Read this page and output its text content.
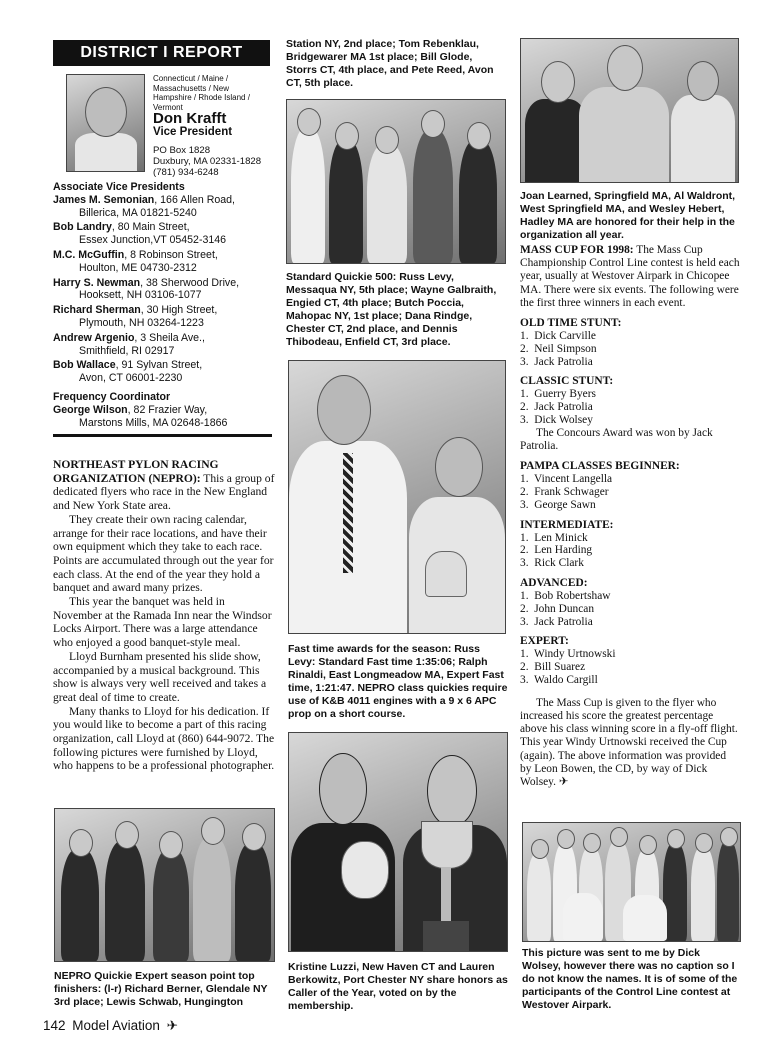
DISTRICT I REPORT
Connecticut / Maine / Massachusetts / New Hampshire / Rhode Island / Vermont
Don Krafft
Vice President
PO Box 1828
Duxbury, MA 02331-1828
(781) 934-6248
Associate Vice Presidents
James M. Semonian, 166 Allen Road,
Billerica, MA 01821-5240
Bob Landry, 80 Main Street,
Essex Junction,VT 05452-3146
M.C. McGuffin, 8 Robinson Street,
Houlton, ME 04730-2312
Harry S. Newman, 38 Sherwood Drive,
Hooksett, NH 03106-1077
Richard Sherman, 30 High Street,
Plymouth, NH 03264-1223
Andrew Argenio, 3 Sheila Ave.,
Smithfield, RI 02917
Bob Wallace, 91 Sylvan Street,
Avon, CT 06001-2230
Frequency Coordinator
George Wilson, 82 Frazier Way,
Marstons Mills, MA 02648-1866

NORTHEAST PYLON RACING ORGANIZATION (NEPRO): This a group of dedicated flyers who race in the New England and New York State area.

They create their own racing calendar, arrange for their race locations, and have their own equipment which they take to each race. Points are accumulated through out the year for each class. At the end of the year they hold a banquet and award many prizes.

This year the banquet was held in November at the Ramada Inn near the Windsor Locks Airport. There was a large attendance who enjoyed a good banquet-style meal.

Lloyd Burnham presented his slide show, accompanied by a musical background. This show is always very well received and takes a great deal of time to create.

Many thanks to Lloyd for his dedication. If you would like to become a part of this racing organization, call Lloyd at (860) 644-9072. The following pictures were furnished by Lloyd, who happens to be a professional photographer.

NEPRO Quickie Expert season point top finishers: (l-r) Richard Berner, Glendale NY 3rd place; Lewis Schwab, Hungington
142 Model Aviation ✈
Station NY, 2nd place; Tom Rebenklau, Bridgewarer MA 1st place; Bill Glode, Storrs CT, 4th place, and Pete Reed, Avon CT, 5th place.
Standard Quickie 500: Russ Levy, Messaqua NY, 5th place; Wayne Galbraith, Engied CT, 4th place; Butch Poccia, Mahopac NY, 1st place; Dana Rindge, Chester CT, 2nd place, and Dennis Thibodeau, Enfield CT, 3rd place.
Fast time awards for the season: Russ Levy: Standard Fast time 1:35:06; Ralph Rinaldi, East Longmeadow MA, Expert Fast time, 1:21:47. NEPRO class quickies require use of K&B 4011 engines with a 9 x 6 APC prop on a short course.
Kristine Luzzi, New Haven CT and Lauren Berkowitz, Port Chester NY share honors as Caller of the Year, voted on by the membership.
Joan Learned, Springfield MA, Al Waldront, West Springfield MA, and Wesley Hebert, Hadley MA are honored for their help in the organization all year.

MASS CUP FOR 1998: The Mass Cup Championship Control Line contest is held each year, usually at Westover Airpark in Chicopee MA. There were six events. The following were the first three winners in each event.

OLD TIME STUNT:
1.  Dick Carville
2.  Neil Simpson
3.  Jack Patrolia
CLASSIC STUNT:
1.  Guerry Byers
2.  Jack Patrolia
3.  Dick Wolsey

The Concours Award was won by Jack Patrolia.

PAMPA CLASSES BEGINNER:
1.  Vincent Langella
2.  Frank Schwager
3.  George Sawn
INTERMEDIATE:
1.  Len Minick
2.  Len Harding
3.  Rick Clark
ADVANCED:
1.  Bob Robertshaw
2.  John Duncan
3.  Jack Patrolia
EXPERT:
1.  Windy Urtnowski
2.  Bill Suarez
3.  Waldo Cargill

The Mass Cup is given to the flyer who increased his score the greatest percentage above his class winning score in a fly-off flight. This year Windy Urtnowski received the Cup (again). The above information was provided by Leon Bowen, the CD, by way of Dick Wolsey. ✈

This picture was sent to me by Dick Wolsey, however there was no caption so I do not know the names. It is of some of the participants of the Control Line contest at Westover Airpark.
